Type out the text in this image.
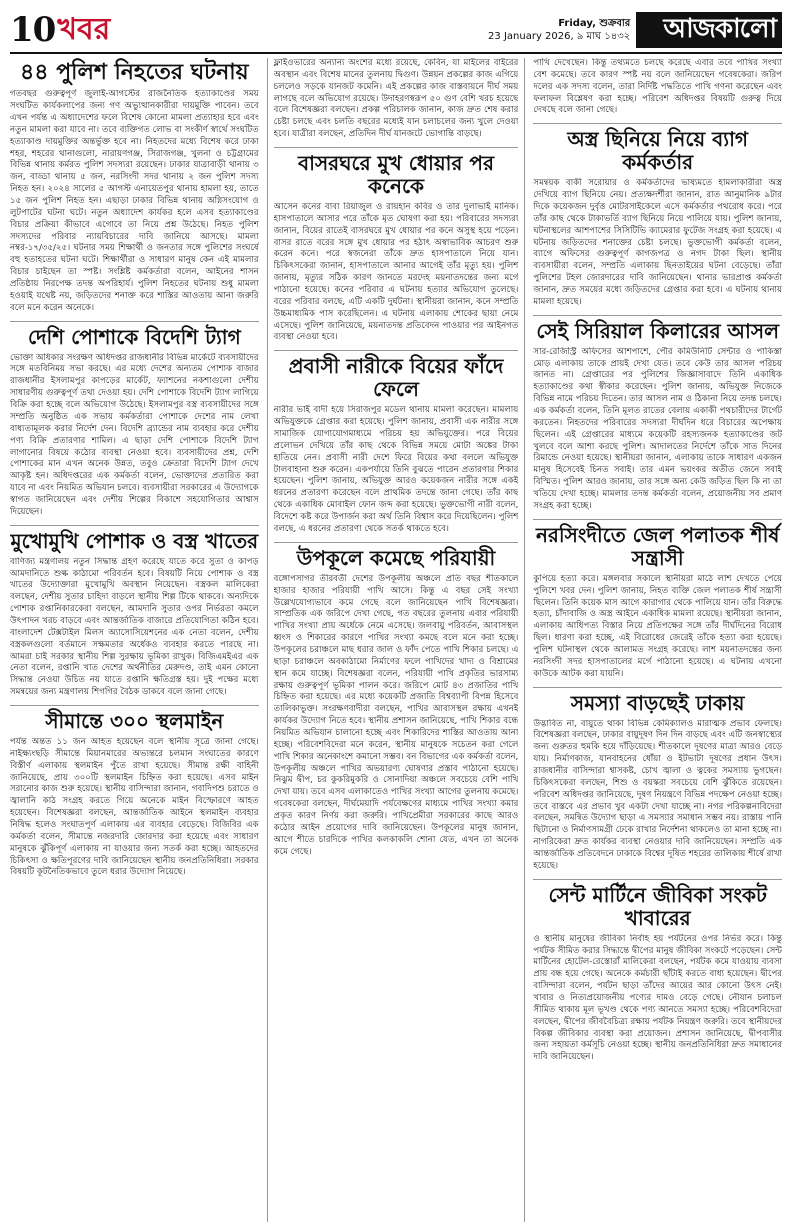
10 খবর	Friday, শুক্রবার
23 January 2026, ৯ মাঘ ১৪৩২ আজকালো
৪৪ পুলিশ নিহতের ঘটনায়

গতবছর গুরুত্বপূর্ণ জুলাই-আগস্টের রাজনৈতিক হত্যাকাণ্ডের সময় সংঘটিত কার্যকলাপের জন্য গণ অভ্যুত্থানকারীরা দায়মুক্তি পাবেন। তবে এখন পর্যন্ত এ অধ্যাদেশের ফলে বিশেষ কোনো মামলা প্রত্যাহার হবে এবং নতুন মামলা করা যাবে না। তবে ব্যক্তিগত লোভ বা সংকীর্ণ স্বার্থে সংঘটিত হত্যাকাণ্ড দায়মুক্তির অন্তর্ভুক্ত হবে না। নিহতদের মধ্যে বিশেষ করে ঢাকা শহর, শহরের থানাগুলো, নারায়ণগঞ্জ, সিরাজগঞ্জ, খুলনা ও চট্টগ্রামের বিভিন্ন থানায় কর্মরত পুলিশ সদস্যরা রয়েছেন। ঢাকার যাত্রাবাড়ী থানায় ৩ জন, বাড্ডা থানায় ৫ জন, নরসিংদী সদর থানায় ২ জন পুলিশ সদস্য নিহত হন। ২০২৪ সালের ৫ আগস্ট এনায়েতপুর থানায় হামলা হয়, তাতে ১৫ জন পুলিশ নিহত হন। এছাড়া ঢাকার বিভিন্ন থানায় অগ্নিসংযোগ ও লুটপাটের ঘটনা ঘটে। নতুন অধ্যাদেশ কার্যকর হলে এসব হত্যাকাণ্ডের বিচার প্রক্রিয়া কীভাবে এগোবে তা নিয়ে প্রশ্ন উঠেছে। নিহত পুলিশ সদস্যদের পরিবার ন্যায়বিচারের দাবি জানিয়ে আসছে। মামলা নম্বর-১৭/৩৫/২৫। ঘটনার সময় শিক্ষার্থী ও জনতার সঙ্গে পুলিশের সংঘর্ষে বহু হতাহতের ঘটনা ঘটে। শিক্ষার্থীরা ও সাধারণ মানুষ কেন এই মামলার বিচার চাইছেন তা স্পষ্ট। সংশ্লিষ্ট কর্মকর্তারা বলেন, আইনের শাসন প্রতিষ্ঠায় নিরপেক্ষ তদন্ত অপরিহার্য। পুলিশ নিহতের ঘটনায় শুধু মামলা হওয়াই যথেষ্ট নয়, জড়িতদের শনাক্ত করে শাস্তির আওতায় আনা জরুরি বলে মনে করেন অনেকে।

দেশি পোশাকে বিদেশি ট্যাগ

ভোক্তা অধিকার সংরক্ষণ অধিদপ্তর রাজধানীর বিভিন্ন মার্কেটে ব্যবসায়ীদের সঙ্গে মতবিনিময় সভা করছে। এর মধ্যে দেশের অন্যতম পোশাক বাজার রাজধানীর ইসলামপুর কাপড়ের মার্কেট, ফ্যাশনের নকশাগুলো দেশীয় সাধারণীয় গুরুত্বপূর্ণ তথ্য দেওয়া হয়। দেশি পোশাকে বিদেশি ট্যাগ লাগিয়ে বিক্রি করা হচ্ছে বলে অভিযোগ উঠেছে। ইসলামপুর বস্ত্র ব্যবসায়ীদের সঙ্গে সম্প্রতি অনুষ্ঠিত এক সভায় কর্মকর্তারা পোশাকে দেশের নাম লেখা বাধ্যতামূলক করার নির্দেশ দেন। বিদেশি ব্র্যান্ডের নাম ব্যবহার করে দেশীয় পণ্য বিক্রি প্রতারণার শামিল। এ ছাড়া দেশি পোশাকে বিদেশি ট্যাগ লাগানোর বিষয়ে কঠোর ব্যবস্থা নেওয়া হবে। ব্যবসায়ীদের প্রশ্ন, দেশি পোশাকের মান এখন অনেক উন্নত, তবুও ক্রেতারা বিদেশি ট্যাগ দেখে আকৃষ্ট হন। অধিদপ্তরের এক কর্মকর্তা বলেন, ভোক্তাদের প্রতারিত করা যাবে না এবং নিয়মিত অভিযান চলবে। ব্যবসায়ীরা সরকারের এ উদ্যোগকে স্বাগত জানিয়েছেন এবং দেশীয় শিল্পের বিকাশে সহযোগিতার আশ্বাস দিয়েছেন।

মুখোমুখি পোশাক ও বস্ত্র খাতের

বাণিজ্য মন্ত্রণালয় নতুন সিদ্ধান্ত গ্রহণ করেছে যাতে করে সুতা ও কাপড় আমদানিতে শুল্ক কাঠামো পরিবর্তন হবে। বিষয়টি নিয়ে পোশাক ও বস্ত্র খাতের উদ্যোক্তারা মুখোমুখি অবস্থান নিয়েছেন। বস্ত্রকল মালিকেরা বলছেন, দেশীয় সুতার চাহিদা বাড়লে স্থানীয় শিল্প টিকে থাকবে। অন্যদিকে পোশাক রপ্তানিকারকেরা বলছেন, আমদানি সুতার ওপর নির্ভরতা কমলে উৎপাদন খরচ বাড়বে এবং আন্তর্জাতিক বাজারে প্রতিযোগিতা কঠিন হবে। বাংলাদেশ টেক্সটাইল মিলস অ্যাসোসিয়েশনের এক নেতা বলেন, দেশীয় বস্ত্রকলগুলো বর্তমানে সক্ষমতার অর্ধেকও ব্যবহার করতে পারছে না। আমরা চাই সরকার স্থানীয় শিল্প সুরক্ষায় ভূমিকা রাখুক। বিজিএমইএর এক নেতা বলেন, রপ্তানি খাত দেশের অর্থনীতির মেরুদণ্ড, তাই এমন কোনো সিদ্ধান্ত নেওয়া উচিত নয় যাতে রপ্তানি ক্ষতিগ্রস্ত হয়। দুই পক্ষের মধ্যে সমন্বয়ের জন্য মন্ত্রণালয় শিগগির বৈঠক ডাকবে বলে জানা গেছে।

সীমান্তে ৩০০ স্থলমাইন

পর্যন্ত অন্তত ১১ জন আহত হয়েছেন বলে স্থানীয় সূত্রে জানা গেছে। নাইক্ষ্যংছড়ি সীমান্তে মিয়ানমারের অভ্যন্তরে চলমান সংঘাতের কারণে বিস্তীর্ণ এলাকায় স্থলমাইন পুঁতে রাখা হয়েছে। সীমান্ত রক্ষী বাহিনী জানিয়েছে, প্রায় ৩০০টি স্থলমাইন চিহ্নিত করা হয়েছে। এসব মাইন সরানোর কাজ শুরু হয়েছে। স্থানীয় বাসিন্দারা জানান, গবাদিপশু চরাতে ও জ্বালানি কাঠ সংগ্রহ করতে গিয়ে অনেকে মাইন বিস্ফোরণে আহত হয়েছেন। বিশেষজ্ঞরা বলছেন, আন্তর্জাতিক আইনে স্থলমাইন ব্যবহার নিষিদ্ধ হলেও সংঘাতপূর্ণ এলাকায় এর ব্যবহার বেড়েছে। বিজিবির এক কর্মকর্তা বলেন, সীমান্তে নজরদারি জোরদার করা হয়েছে এবং সাধারণ মানুষকে ঝুঁকিপূর্ণ এলাকায় না যাওয়ার জন্য সতর্ক করা হচ্ছে। আহতদের চিকিৎসা ও ক্ষতিপূরণের দাবি জানিয়েছেন স্থানীয় জনপ্রতিনিধিরা। সরকার বিষয়টি কূটনৈতিকভাবে তুলে ধরার উদ্যোগ নিয়েছে।

ফ্লাইওভারের অন্যান্য অংশের মধ্যে রয়েছে, কেবিন, যা মাইলের বাইরের অবস্থান এবং বিশেষ মানের তুলনায় দ্বিগুণ। উন্নয়ন প্রকল্পের কাজ এগিয়ে চললেও সড়কে যানজট কমেনি। এই প্রকল্পের কাজ বাস্তবায়নে দীর্ঘ সময় লাগছে বলে অভিযোগ রয়েছে। উদাহরণস্বরূপ ৫০ গুণ বেশি খরচ হয়েছে বলে বিশেষজ্ঞরা বলছেন। প্রকল্প পরিচালক জানান, কাজ দ্রুত শেষ করার চেষ্টা চলছে এবং চলতি বছরের মধ্যেই যান চলাচলের জন্য খুলে দেওয়া হবে। যাত্রীরা বলছেন, প্রতিদিন দীর্ঘ যানজটে ভোগান্তি বাড়ছে।

বাসরঘরে মুখ ধোয়ার পর কনেকে

আসেন কনের বাবা রিয়াজুল ও রায়হান কবির ও তার দুলাভাই মানিক। হাসপাতালে আসার পরে তাঁকে মৃত ঘোষণা করা হয়। পরিবারের সদস্যরা জানান, বিয়ের রাতেই বাসরঘরে মুখ ধোয়ার পর কনে অসুস্থ হয়ে পড়েন। বাসর রাতে বরের সঙ্গে মুখ ধোয়ার পর হঠাৎ অস্বাভাবিক আচরণ শুরু করেন কনে। পরে স্বজনেরা তাঁকে দ্রুত হাসপাতালে নিয়ে যান। চিকিৎসকেরা জানান, হাসপাতালে আনার আগেই তাঁর মৃত্যু হয়। পুলিশ জানায়, মৃত্যুর সঠিক কারণ জানতে মরদেহ ময়নাতদন্তের জন্য মর্গে পাঠানো হয়েছে। কনের পরিবার এ ঘটনায় হত্যার অভিযোগ তুলেছে। বরের পরিবার বলছে, এটি একটি দুর্ঘটনা। স্থানীয়রা জানান, কনে সম্প্রতি উচ্চমাধ্যমিক পাস করেছিলেন। এ ঘটনায় এলাকায় শোকের ছায়া নেমে এসেছে। পুলিশ জানিয়েছে, ময়নাতদন্ত প্রতিবেদন পাওয়ার পর আইনগত ব্যবস্থা নেওয়া হবে।

প্রবাসী নারীকে বিয়ের ফাঁদে ফেলে

নারীর ভাই বাদী হয়ে সিরাজপুর মডেল থানায় মামলা করেছেন। মামলায় অভিযুক্তকে গ্রেপ্তার করা হয়েছে। পুলিশ জানায়, প্রবাসী এক নারীর সঙ্গে সামাজিক যোগাযোগমাধ্যমে পরিচয় হয় অভিযুক্তের। পরে বিয়ের প্রলোভন দেখিয়ে তাঁর কাছ থেকে বিভিন্ন সময়ে মোটা অঙ্কের টাকা হাতিয়ে নেন। প্রবাসী নারী দেশে ফিরে বিয়ের কথা বললে অভিযুক্ত টালবাহানা শুরু করেন। একপর্যায়ে তিনি বুঝতে পারেন প্রতারণার শিকার হয়েছেন। পুলিশ জানায়, অভিযুক্ত আরও কয়েকজন নারীর সঙ্গে একই ধরনের প্রতারণা করেছেন বলে প্রাথমিক তদন্তে জানা গেছে। তাঁর কাছ থেকে একাধিক মোবাইল ফোন জব্দ করা হয়েছে। ভুক্তভোগী নারী বলেন, বিদেশে কষ্ট করে উপার্জন করা অর্থ তিনি বিশ্বাস করে দিয়েছিলেন। পুলিশ বলছে, এ ধরনের প্রতারণা থেকে সতর্ক থাকতে হবে।

উপকূলে কমেছে পরিযায়ী

বঙ্গোপসাগর তীরবর্তী দেশের উপকূলীয় অঞ্চলে প্রতি বছর শীতকালে হাজার হাজার পরিযায়ী পাখি আসে। কিন্তু এ বছর সেই সংখ্যা উল্লেখযোগ্যভাবে কমে গেছে বলে জানিয়েছেন পাখি বিশেষজ্ঞরা। সাম্প্রতিক এক জরিপে দেখা গেছে, গত বছরের তুলনায় এবার পরিযায়ী পাখির সংখ্যা প্রায় অর্ধেকে নেমে এসেছে। জলবায়ু পরিবর্তন, আবাসস্থল ধ্বংস ও শিকারের কারণে পাখির সংখ্যা কমছে বলে মনে করা হচ্ছে। উপকূলের চরাঞ্চলে মাছ ধরার জাল ও ফাঁদ পেতে পাখি শিকার চলছে। এ ছাড়া চরাঞ্চলে অবকাঠামো নির্মাণের ফলে পাখিদের খাদ্য ও বিশ্রামের স্থান কমে যাচ্ছে। বিশেষজ্ঞরা বলেন, পরিযায়ী পাখি প্রকৃতির ভারসাম্য রক্ষায় গুরুত্বপূর্ণ ভূমিকা পালন করে। জরিপে মোট ৪৩ প্রজাতির পাখি চিহ্নিত করা হয়েছে। এর মধ্যে কয়েকটি প্রজাতি বিশ্বব্যাপী বিপন্ন হিসেবে তালিকাভুক্ত। সংরক্ষণবাদীরা বলছেন, পাখির আবাসস্থল রক্ষায় এখনই কার্যকর উদ্যোগ নিতে হবে। স্থানীয় প্রশাসন জানিয়েছে, পাখি শিকার বন্ধে নিয়মিত অভিযান চালানো হচ্ছে এবং শিকারিদের শাস্তির আওতায় আনা হচ্ছে। পরিবেশবিদেরা মনে করেন, স্থানীয় মানুষকে সচেতন করা গেলে পাখি শিকার অনেকাংশে কমানো সম্ভব। বন বিভাগের এক কর্মকর্তা বলেন, উপকূলীয় অঞ্চলে পাখির অভয়ারণ্য ঘোষণার প্রস্তাব পাঠানো হয়েছে। নিঝুম দ্বীপ, চর কুকরিমুকরি ও সোনাদিয়া অঞ্চলে সবচেয়ে বেশি পাখি দেখা যায়। তবে এসব এলাকাতেও পাখির সংখ্যা আগের তুলনায় কমেছে। গবেষকেরা বলছেন, দীর্ঘমেয়াদি পর্যবেক্ষণের মাধ্যমে পাখির সংখ্যা কমার প্রকৃত কারণ নির্ণয় করা জরুরি। পাখিপ্রেমীরা সরকারের কাছে আরও কঠোর আইন প্রয়োগের দাবি জানিয়েছেন। উপকূলের মানুষ জানান, আগে শীতে চারদিকে পাখির কলকাকলি শোনা যেত, এখন তা অনেক কমে গেছে।

পাখি দেখেছেন। কিন্তু তথ্যমতে চলছে করেছে এবার তবে পাখির সংখ্যা বেশ কমেছে। তবে কারণ স্পষ্ট নয় বলে জানিয়েছেন গবেষকেরা। জরিপ দলের এক সদস্য বলেন, তারা নির্দিষ্ট পদ্ধতিতে পাখি গণনা করেছেন এবং ফলাফল বিশ্লেষণ করা হচ্ছে। পরিবেশ অধিদপ্তর বিষয়টি গুরুত্ব দিয়ে দেখছে বলে জানা গেছে।

অস্ত্র ছিনিয়ে নিয়ে ব্যাগ কর্মকর্তার

সমন্বয়ক বাকী সরোয়ার ও কর্মকর্তাদের ভাষ্যমতে হামলাকারীরা অস্ত্র দেখিয়ে ব্যাগ ছিনিয়ে নেয়। প্রত্যক্ষদর্শীরা জানান, রাত আনুমানিক ৯টার দিকে কয়েকজন দুর্বৃত্ত মোটরসাইকেলে এসে কর্মকর্তার পথরোধ করে। পরে তাঁর কাছ থেকে টাকাভর্তি ব্যাগ ছিনিয়ে নিয়ে পালিয়ে যায়। পুলিশ জানায়, ঘটনাস্থলের আশপাশের সিসিটিভি ক্যামেরার ফুটেজ সংগ্রহ করা হয়েছে। এ ঘটনায় জড়িতদের শনাক্তের চেষ্টা চলছে। ভুক্তভোগী কর্মকর্তা বলেন, ব্যাগে অফিসের গুরুত্বপূর্ণ কাগজপত্র ও নগদ টাকা ছিল। স্থানীয় ব্যবসায়ীরা বলেন, সম্প্রতি এলাকায় ছিনতাইয়ের ঘটনা বেড়েছে। তাঁরা পুলিশের টহল জোরদারের দাবি জানিয়েছেন। থানার ভারপ্রাপ্ত কর্মকর্তা জানান, দ্রুত সময়ের মধ্যে জড়িতদের গ্রেপ্তার করা হবে। এ ঘটনায় থানায় মামলা হয়েছে।

সেই সিরিয়াল কিলারের আসল

সার-রেজিস্ট্রি অফিসের আশপাশে, পৌর কমিউনিটি সেন্টার ও পাকিস্তা মোড় এলাকায় তাকে প্রায়ই দেখা যেত। তবে কেউ তার আসল পরিচয় জানত না। গ্রেপ্তারের পর পুলিশের জিজ্ঞাসাবাদে তিনি একাধিক হত্যাকাণ্ডের কথা স্বীকার করেছেন। পুলিশ জানায়, অভিযুক্ত নিজেকে বিভিন্ন নামে পরিচয় দিতেন। তার আসল নাম ও ঠিকানা নিয়ে তদন্ত চলছে। এক কর্মকর্তা বলেন, তিনি মূলত রাতের বেলায় একাকী পথচারীদের টার্গেট করতেন। নিহতদের পরিবারের সদস্যরা দীর্ঘদিন ধরে বিচারের অপেক্ষায় ছিলেন। এই গ্রেপ্তারের মাধ্যমে কয়েকটি রহস্যজনক হত্যাকাণ্ডের জট খুলবে বলে আশা করছে পুলিশ। আদালতের নির্দেশে তাঁকে সাত দিনের রিমান্ডে নেওয়া হয়েছে। স্থানীয়রা জানান, এলাকায় তাকে সাধারণ একজন মানুষ হিসেবেই চিনত সবাই। তার এমন ভয়ংকর অতীত জেনে সবাই বিস্মিত। পুলিশ আরও জানায়, তার সঙ্গে অন্য কেউ জড়িত ছিল কি না তা খতিয়ে দেখা হচ্ছে। মামলার তদন্ত কর্মকর্তা বলেন, প্রয়োজনীয় সব প্রমাণ সংগ্রহ করা হচ্ছে।

নরসিংদীতে জেল পলাতক শীর্ষ সন্ত্রাসী

কুপিয়ে হত্যা করে। মঙ্গলবার সকালে স্থানীয়রা মাঠে লাশ দেখতে পেয়ে পুলিশে খবর দেন। পুলিশ জানায়, নিহত ব্যক্তি জেল পলাতক শীর্ষ সন্ত্রাসী ছিলেন। তিনি কয়েক মাস আগে কারাগার থেকে পালিয়ে যান। তাঁর বিরুদ্ধে হত্যা, চাঁদাবাজি ও অস্ত্র আইনে একাধিক মামলা রয়েছে। স্থানীয়রা জানান, এলাকায় আধিপত্য বিস্তার নিয়ে প্রতিপক্ষের সঙ্গে তাঁর দীর্ঘদিনের বিরোধ ছিল। ধারণা করা হচ্ছে, এই বিরোধের জেরেই তাঁকে হত্যা করা হয়েছে। পুলিশ ঘটনাস্থল থেকে আলামত সংগ্রহ করেছে। লাশ ময়নাতদন্তের জন্য নরসিংদী সদর হাসপাতালের মর্গে পাঠানো হয়েছে। এ ঘটনায় এখনো কাউকে আটক করা যায়নি।

সমস্যা বাড়ছেই ঢাকায়

উদ্ভাবিত না, বায়ুতে থাকা বিভিন্ন কেমিক্যালও মারাত্মক প্রভাব ফেলছে। বিশেষজ্ঞরা বলছেন, ঢাকার বায়ুদূষণ দিন দিন বাড়ছে এবং এটি জনস্বাস্থ্যের জন্য গুরুতর হুমকি হয়ে দাঁড়িয়েছে। শীতকালে দূষণের মাত্রা আরও বেড়ে যায়। নির্মাণকাজ, যানবাহনের ধোঁয়া ও ইটভাটা দূষণের প্রধান উৎস। রাজধানীর বাসিন্দারা শ্বাসকষ্ট, চোখ জ্বালা ও ত্বকের সমস্যায় ভুগছেন। চিকিৎসকেরা বলছেন, শিশু ও বয়স্করা সবচেয়ে বেশি ঝুঁকিতে রয়েছেন। পরিবেশ অধিদপ্তর জানিয়েছে, দূষণ নিয়ন্ত্রণে বিভিন্ন পদক্ষেপ নেওয়া হচ্ছে। তবে বাস্তবে এর প্রভাব খুব একটা দেখা যাচ্ছে না। নগর পরিকল্পনাবিদেরা বলছেন, সমন্বিত উদ্যোগ ছাড়া এ সমস্যার সমাধান সম্ভব নয়। রাস্তায় পানি ছিটানো ও নির্মাণসামগ্রী ঢেকে রাখার নির্দেশনা থাকলেও তা মানা হচ্ছে না। নাগরিকেরা দ্রুত কার্যকর ব্যবস্থা নেওয়ার দাবি জানিয়েছেন। সম্প্রতি এক আন্তর্জাতিক প্রতিবেদনে ঢাকাকে বিশ্বের দূষিত শহরের তালিকায় শীর্ষে রাখা হয়েছে।

সেন্ট মার্টিনে জীবিকা সংকট খাবারের

ও স্থানীয় মানুষের জীবিকা নির্বাহ হয় পর্যটনের ওপর নির্ভর করে। কিন্তু পর্যটক সীমিত করার সিদ্ধান্তে দ্বীপের মানুষ জীবিকা সংকটে পড়েছেন। সেন্ট মার্টিনের হোটেল-রেস্তোরাঁ মালিকেরা বলছেন, পর্যটক কমে যাওয়ায় ব্যবসা প্রায় বন্ধ হয়ে গেছে। অনেকে কর্মচারী ছাঁটাই করতে বাধ্য হয়েছেন। দ্বীপের বাসিন্দারা বলেন, পর্যটন ছাড়া তাঁদের আয়ের আর কোনো উৎস নেই। খাবার ও নিত্যপ্রয়োজনীয় পণ্যের দামও বেড়ে গেছে। নৌযান চলাচল সীমিত থাকায় মূল ভূখণ্ড থেকে পণ্য আনতে সমস্যা হচ্ছে। পরিবেশবিদেরা বলছেন, দ্বীপের জীববৈচিত্র্য রক্ষায় পর্যটক নিয়ন্ত্রণ জরুরি। তবে স্থানীয়দের বিকল্প জীবিকার ব্যবস্থা করা প্রয়োজন। প্রশাসন জানিয়েছে, দ্বীপবাসীর জন্য সহায়তা কর্মসূচি নেওয়া হচ্ছে। স্থানীয় জনপ্রতিনিধিরা দ্রুত সমাধানের দাবি জানিয়েছেন।
